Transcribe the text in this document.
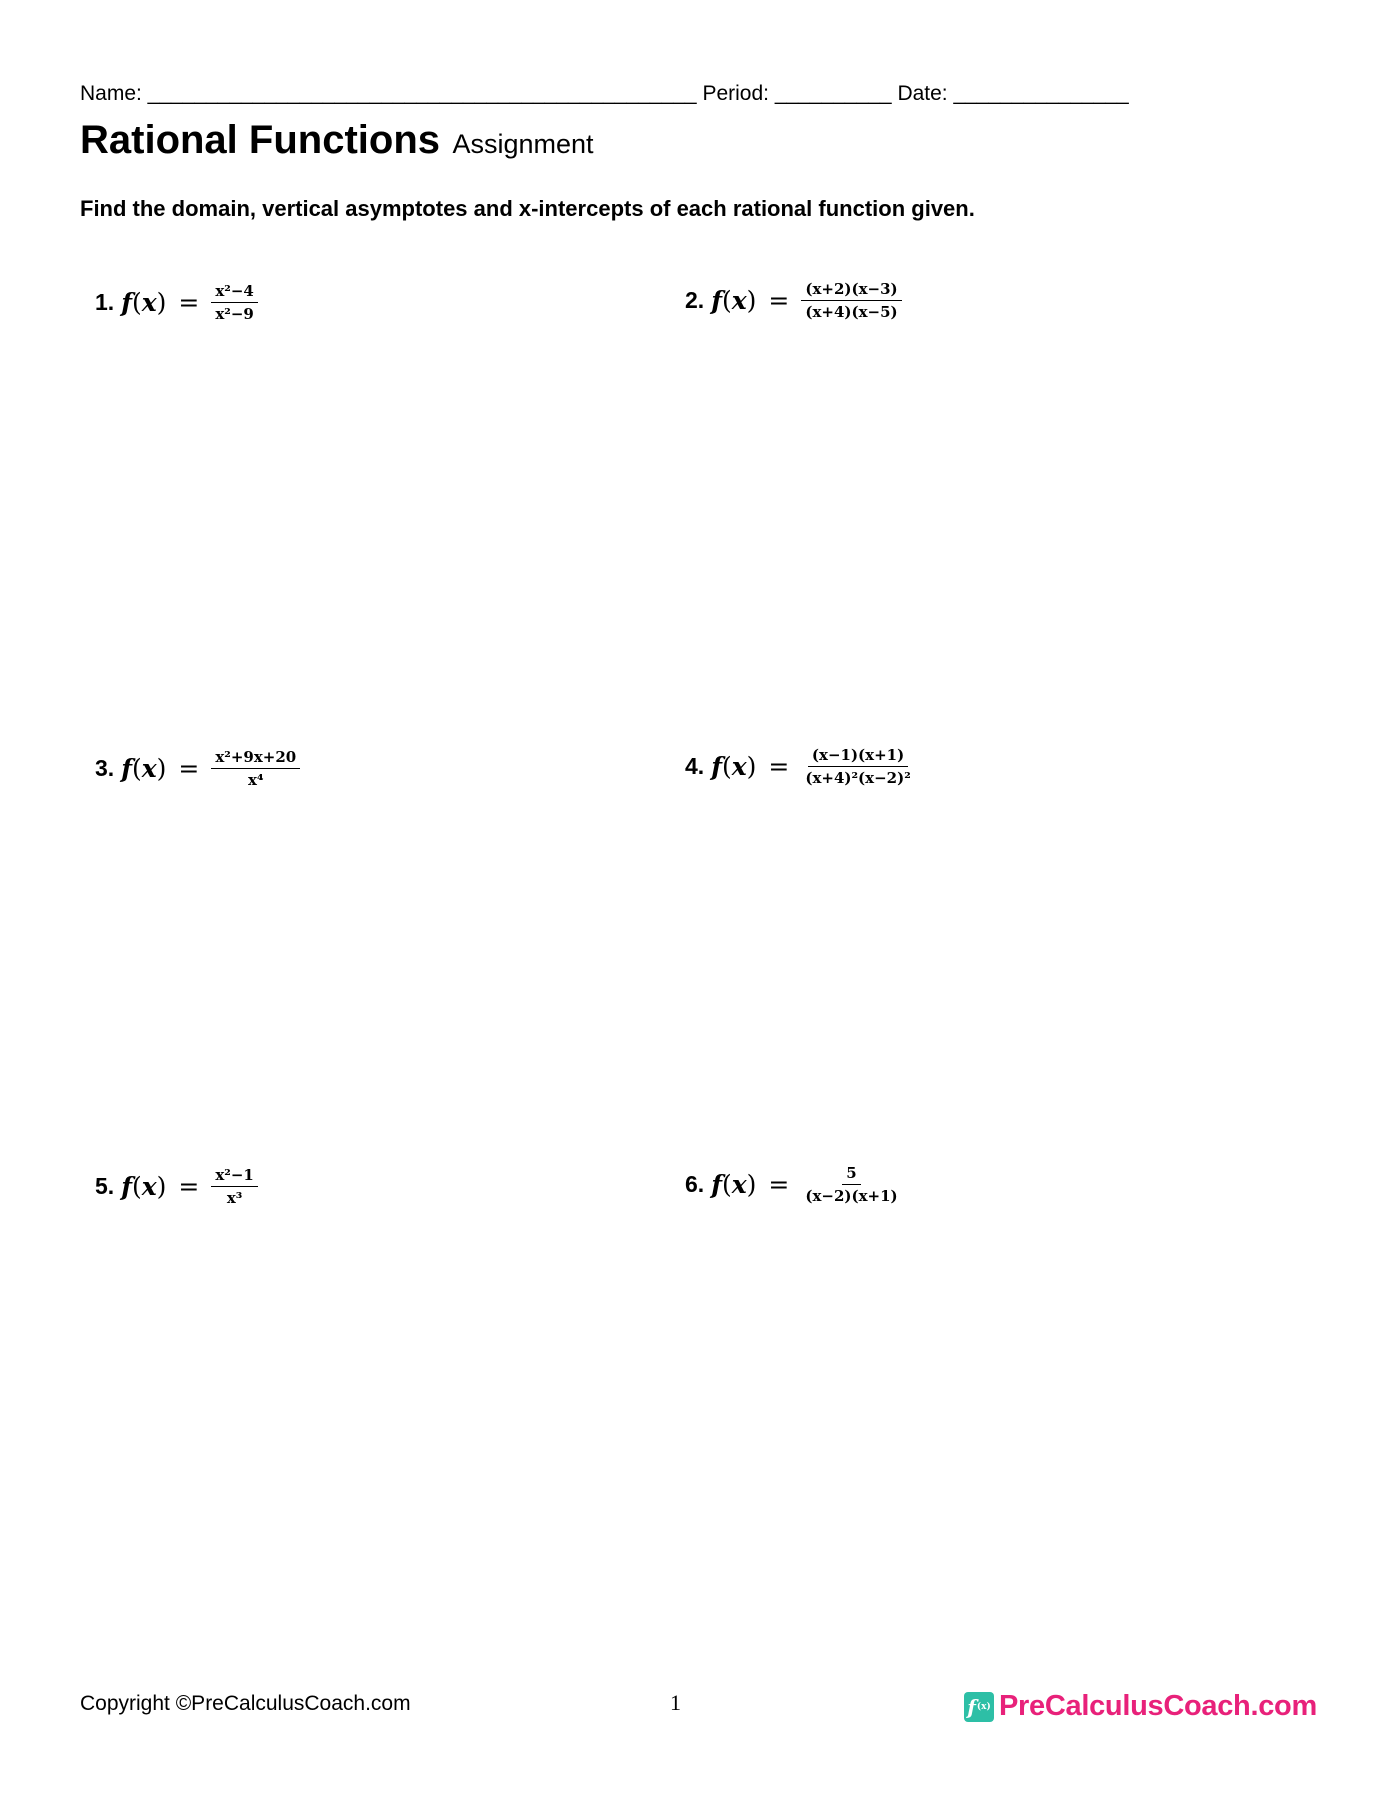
Name: _______________________________________________ Period: __________ Date: _______________
Rational Functions Assignment
Find the domain, vertical asymptotes and x-intercepts of each rational function given.
1. $f(x) = \frac{\text{x²−4}}{\text{x²−9}}$	2. $f(x) = \frac{(x+2)(x-3)}{(x+4)(x-5)}$
3. $f(x) = \frac{\text{x²+9x+20}}{\text{x⁴}}$	4. $f(x) = \frac{(x-1)(x+1)}{\text{(x+4)²(x−2)²}}$
5. $f(x) = \frac{\text{x²−1}}{\text{x³}}$	6. $f(x) = \frac{5}{(x-2)(x+1)}$
Copyright ©PreCalculusCoach.com	1	f (x) PreCalculusCoach.com
